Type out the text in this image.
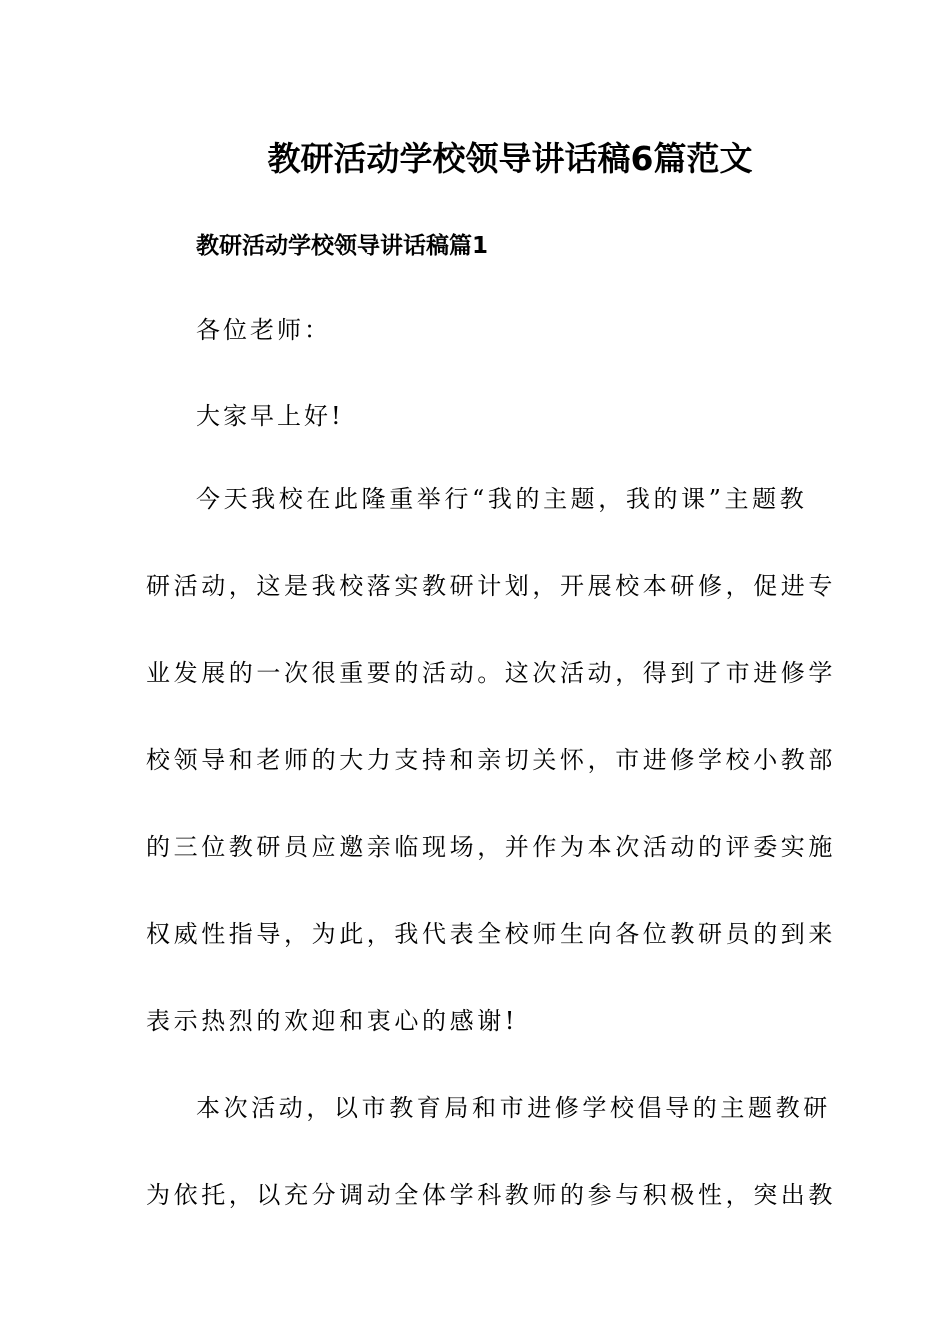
教研活动学校领导讲话稿6篇范文
教研活动学校领导讲话稿篇1
各位老师：
大家早上好!
今天我校在此隆重举行“我的主题，我的课”主题教
研活动，这是我校落实教研计划，开展校本研修，促进专
业发展的一次很重要的活动。这次活动，得到了市进修学
校领导和老师的大力支持和亲切关怀，市进修学校小教部
的三位教研员应邀亲临现场，并作为本次活动的评委实施
权威性指导，为此，我代表全校师生向各位教研员的到来
表示热烈的欢迎和衷心的感谢!
本次活动，以市教育局和市进修学校倡导的主题教研
为依托，以充分调动全体学科教师的参与积极性，突出教
